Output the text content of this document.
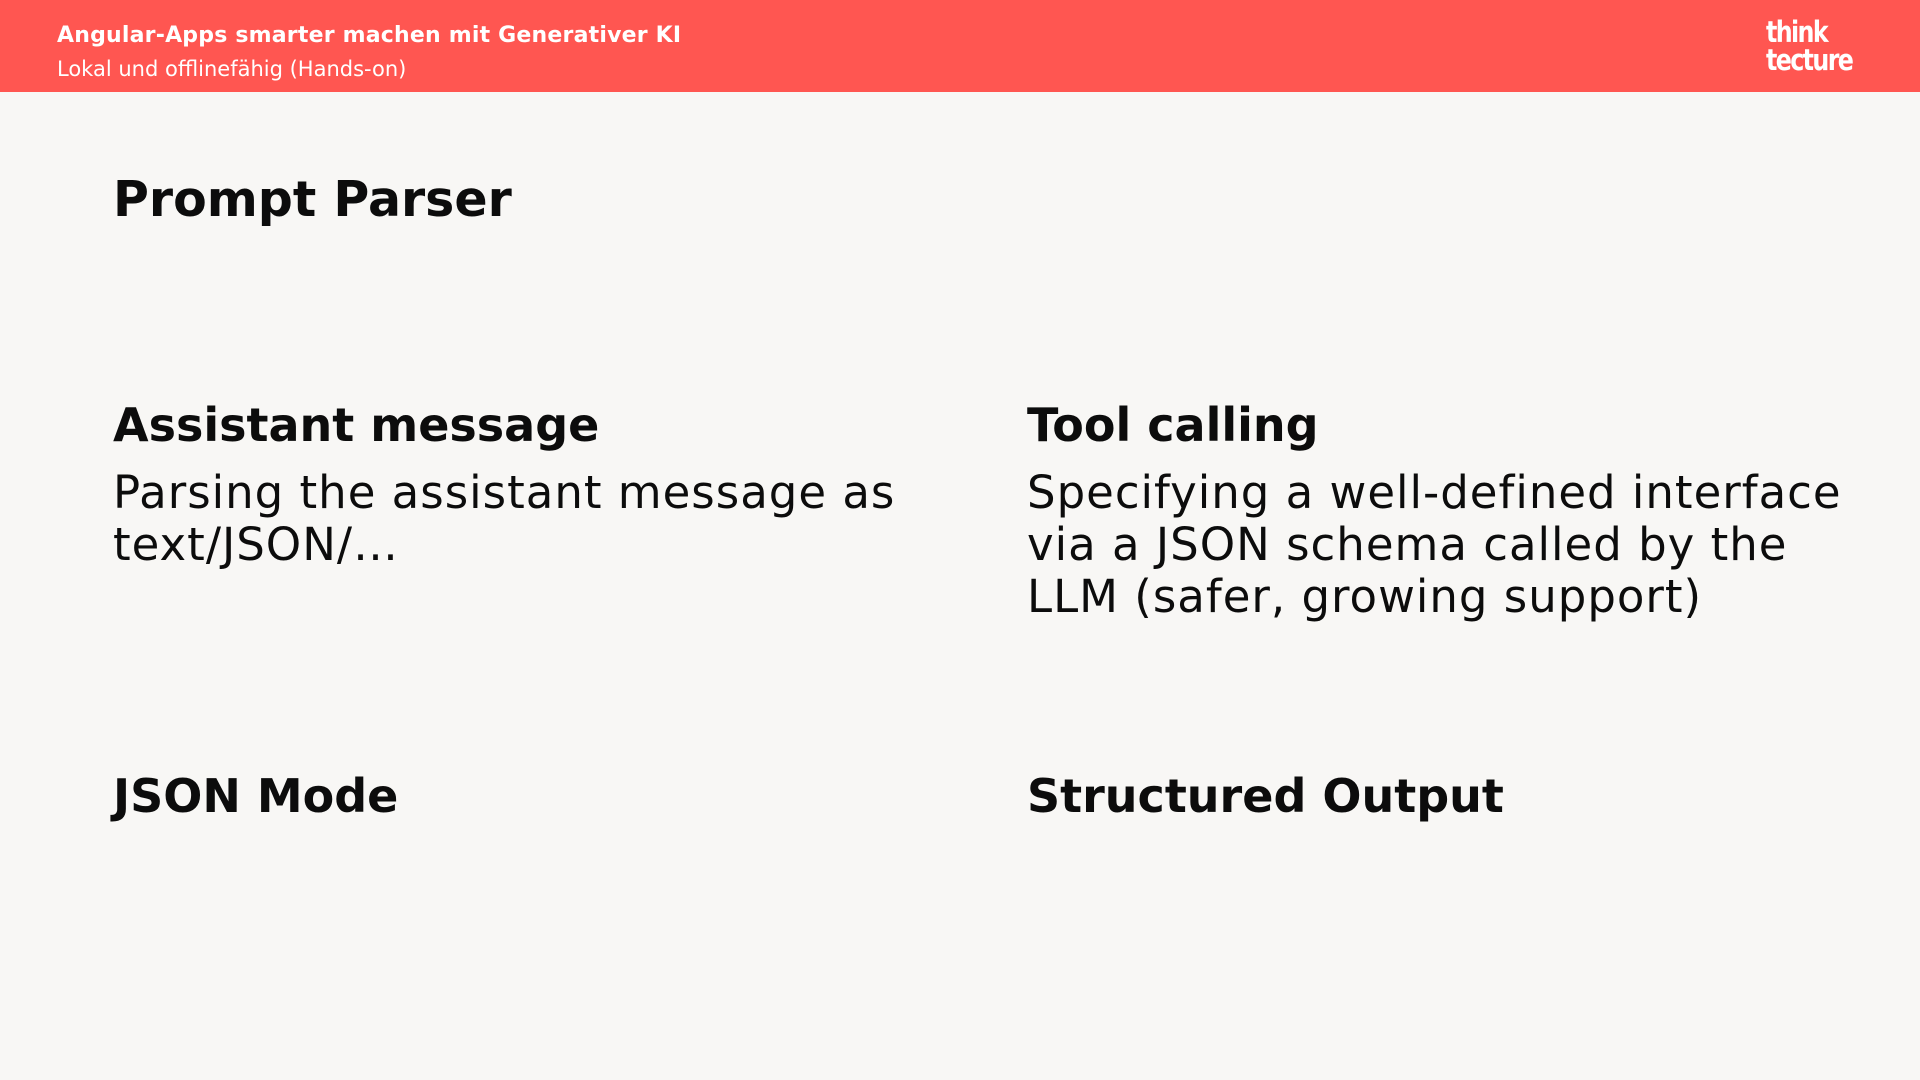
Angular-Apps smarter machen mit Generativer KI
Lokal und offlinefähig (Hands-on)
think
tecture
Prompt Parser
Assistant message

Parsing the assistant message as text/JSON/…

Tool calling

Specifying a well-defined interface via a JSON schema called by the LLM (safer, growing support)

JSON Mode	Structured Output
